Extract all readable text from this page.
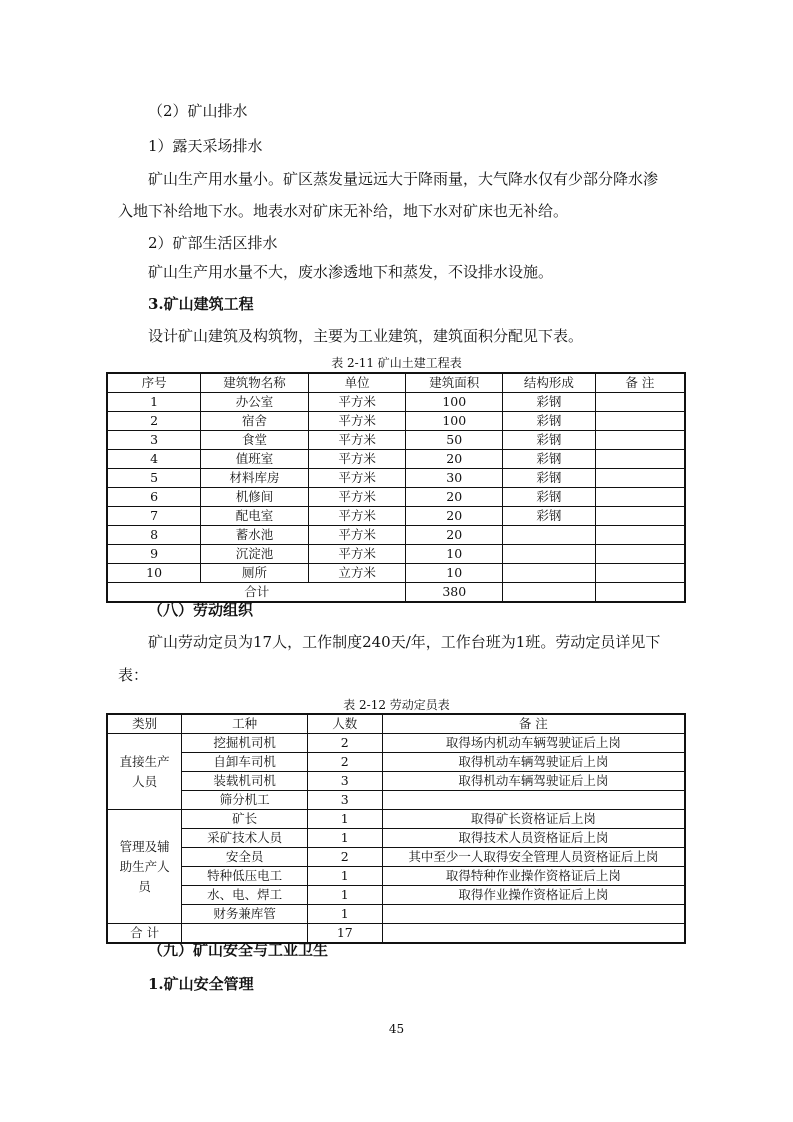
（2）矿山排水
1）露天采场排水
矿山生产用水量小。矿区蒸发量远远大于降雨量，大气降水仅有少部分降水渗
入地下补给地下水。地表水对矿床无补给，地下水对矿床也无补给。
2）矿部生活区排水
矿山生产用水量不大，废水渗透地下和蒸发，不设排水设施。
3.矿山建筑工程
设计矿山建筑及构筑物，主要为工业建筑，建筑面积分配见下表。
表 2-11 矿山土建工程表
序号	建筑物名称	单位	建筑面积	结构形成	备 注
1	办公室	平方米	100	彩钢	
2	宿舍	平方米	100	彩钢	
3	食堂	平方米	50	彩钢	
4	值班室	平方米	20	彩钢	
5	材料库房	平方米	30	彩钢	
6	机修间	平方米	20	彩钢	
7	配电室	平方米	20	彩钢	
8	蓄水池	平方米	20		
9	沉淀池	平方米	10		
10	厕所	立方米	10		
合计			380		
（八）劳动组织
矿山劳动定员为17人，工作制度240天/年，工作台班为1班。劳动定员详见下
表：
表 2-12 劳动定员表
类别	工种	人数	备 注
直接生产人员	挖掘机司机	2	取得场内机动车辆驾驶证后上岗
	自卸车司机	2	取得机动车辆驾驶证后上岗
	装载机司机	3	取得机动车辆驾驶证后上岗
	筛分机工	3	
管理及辅助生产人员	矿长	1	取得矿长资格证后上岗
	采矿技术人员	1	取得技术人员资格证后上岗
	安全员	2	其中至少一人取得安全管理人员资格证后上岗
	特种低压电工	1	取得特种作业操作资格证后上岗
	水、电、焊工	1	取得作业操作资格证后上岗
	财务兼库管	1	
合 计		17	
（九）矿山安全与工业卫生
1.矿山安全管理
45
